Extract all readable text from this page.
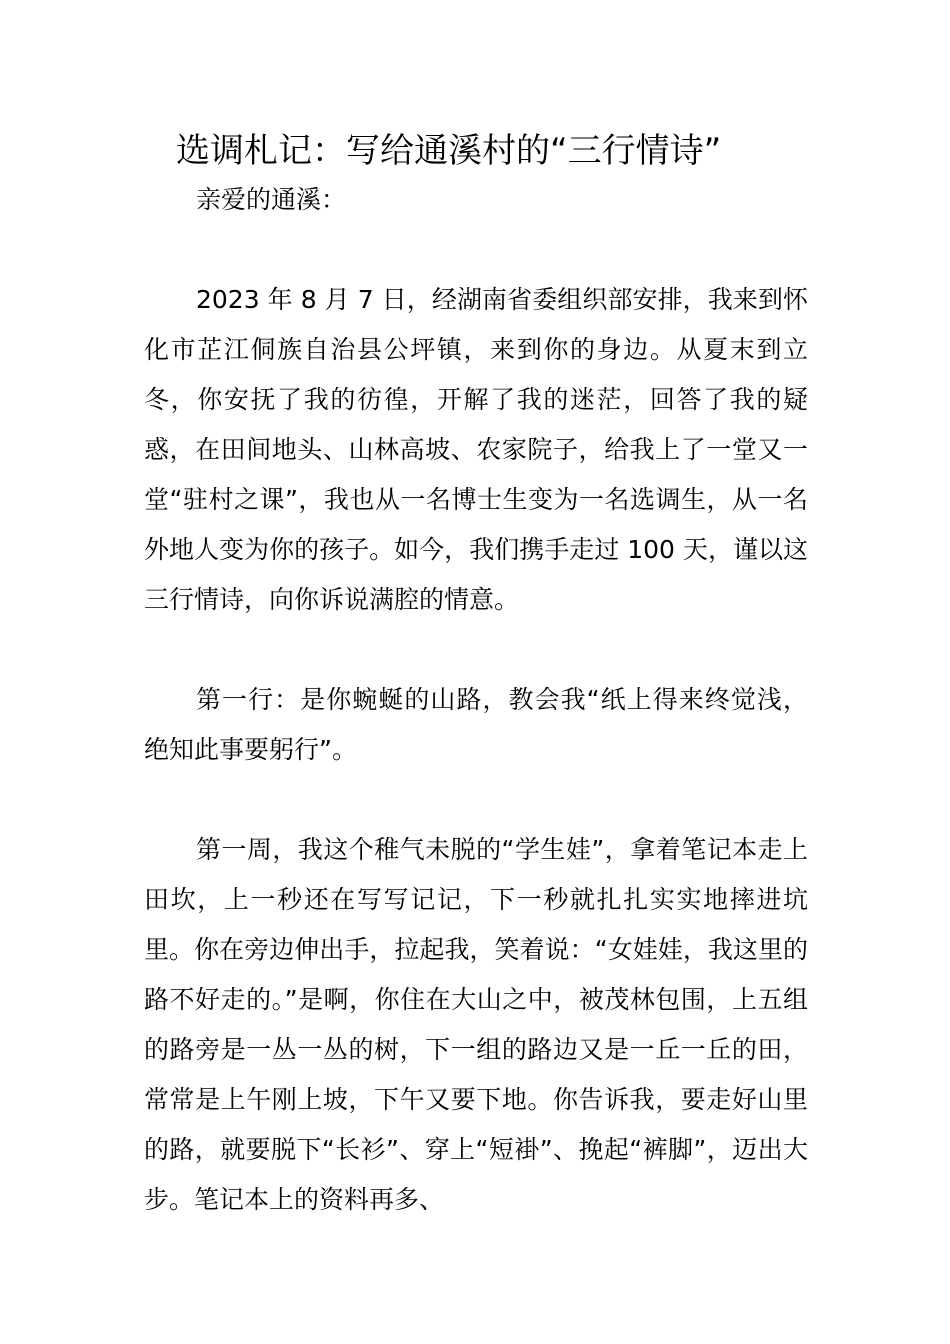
选调札记：写给通溪村的“三行情诗”

亲爱的通溪：

2023 年 8 月 7 日，经湖南省委组织部安排，我来到怀化市芷江侗族自治县公坪镇，来到你的身边。从夏末到立冬，你安抚了我的彷徨，开解了我的迷茫，回答了我的疑惑，在田间地头、山林高坡、农家院子，给我上了一堂又一堂“驻村之课”，我也从一名博士生变为一名选调生，从一名外地人变为你的孩子。如今，我们携手走过 100 天，谨以这三行情诗，向你诉说满腔的情意。

第一行：是你蜿蜒的山路，教会我“纸上得来终觉浅，绝知此事要躬行”。

第一周，我这个稚气未脱的“学生娃”，拿着笔记本走上田坎，上一秒还在写写记记，下一秒就扎扎实实地摔进坑里。你在旁边伸出手，拉起我，笑着说：“女娃娃，我这里的路不好走的。”是啊，你住在大山之中，被茂林包围，上五组的路旁是一丛一丛的树，下一组的路边又是一丘一丘的田，常常是上午刚上坡，下午又要下地。你告诉我，要走好山里的路，就要脱下“长衫”、穿上“短褂”、挽起“裤脚”，迈出大步。笔记本上的资料再多、
